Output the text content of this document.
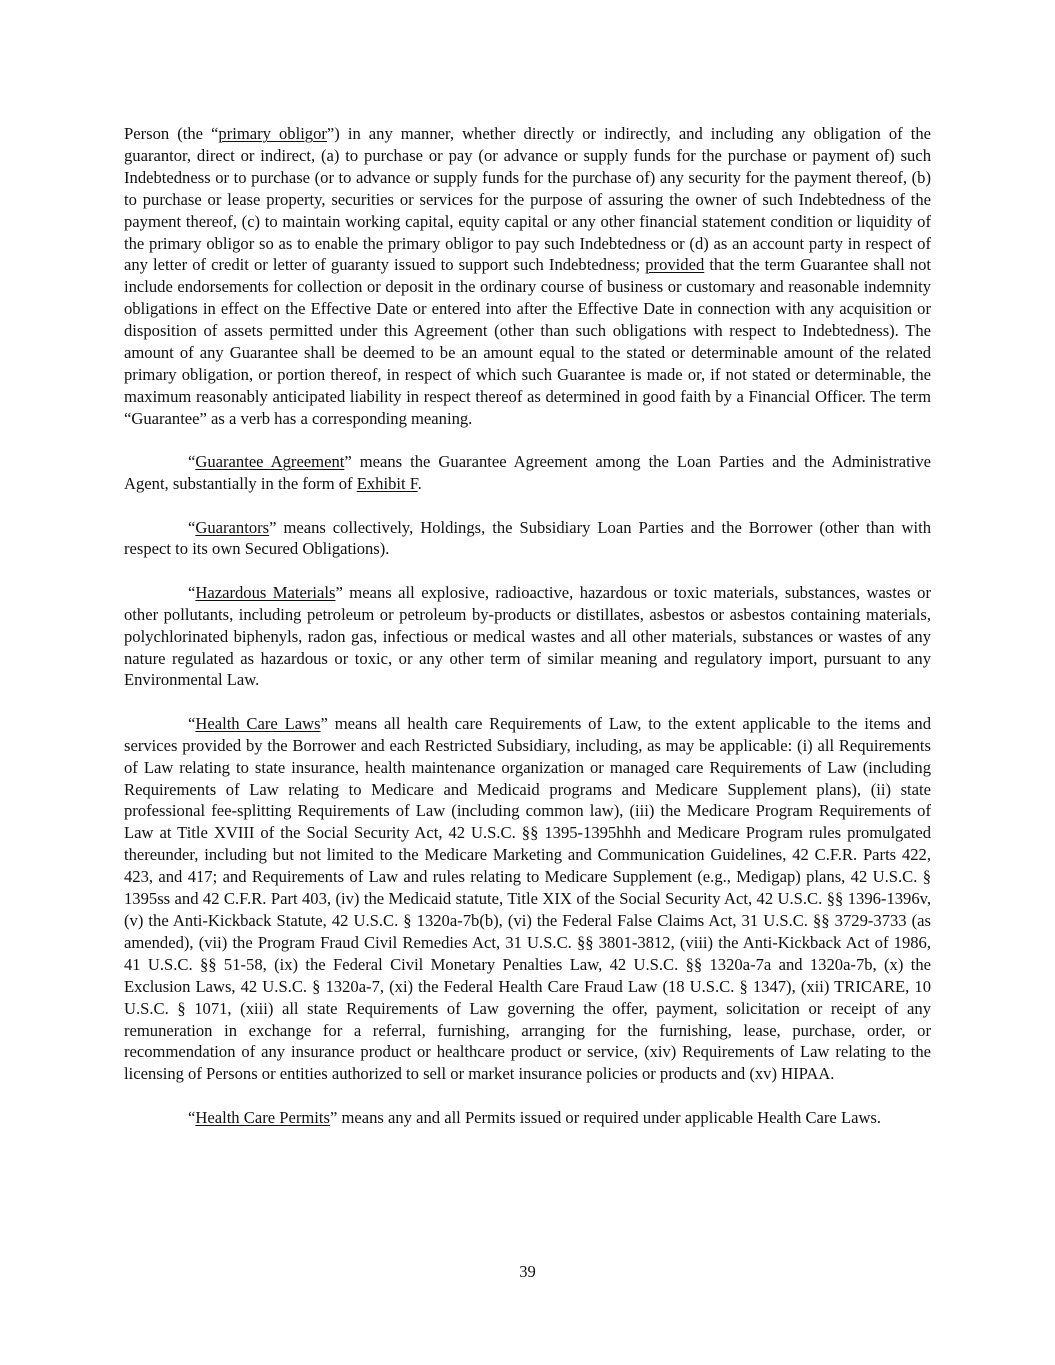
Person (the “primary obligor”) in any manner, whether directly or indirectly, and including any obligation of the guarantor, direct or indirect, (a) to purchase or pay (or advance or supply funds for the purchase or payment of) such Indebtedness or to purchase (or to advance or supply funds for the purchase of) any security for the payment thereof, (b) to purchase or lease property, securities or services for the purpose of assuring the owner of such Indebtedness of the payment thereof, (c) to maintain working capital, equity capital or any other financial statement condition or liquidity of the primary obligor so as to enable the primary obligor to pay such Indebtedness or (d) as an account party in respect of any letter of credit or letter of guaranty issued to support such Indebtedness; provided that the term Guarantee shall not include endorsements for collection or deposit in the ordinary course of business or customary and reasonable indemnity obligations in effect on the Effective Date or entered into after the Effective Date in connection with any acquisition or disposition of assets permitted under this Agreement (other than such obligations with respect to Indebtedness). The amount of any Guarantee shall be deemed to be an amount equal to the stated or determinable amount of the related primary obligation, or portion thereof, in respect of which such Guarantee is made or, if not stated or determinable, the maximum reasonably anticipated liability in respect thereof as determined in good faith by a Financial Officer. The term “Guarantee” as a verb has a corresponding meaning.

“Guarantee Agreement” means the Guarantee Agreement among the Loan Parties and the Administrative Agent, substantially in the form of Exhibit F.

“Guarantors” means collectively, Holdings, the Subsidiary Loan Parties and the Borrower (other than with respect to its own Secured Obligations).

“Hazardous Materials” means all explosive, radioactive, hazardous or toxic materials, substances, wastes or other pollutants, including petroleum or petroleum by-products or distillates, asbestos or asbestos containing materials, polychlorinated biphenyls, radon gas, infectious or medical wastes and all other materials, substances or wastes of any nature regulated as hazardous or toxic, or any other term of similar meaning and regulatory import, pursuant to any Environmental Law.

“Health Care Laws” means all health care Requirements of Law, to the extent applicable to the items and services provided by the Borrower and each Restricted Subsidiary, including, as may be applicable: (i) all Requirements of Law relating to state insurance, health maintenance organization or managed care Requirements of Law (including Requirements of Law relating to Medicare and Medicaid programs and Medicare Supplement plans), (ii) state professional fee-splitting Requirements of Law (including common law), (iii) the Medicare Program Requirements of Law at Title XVIII of the Social Security Act, 42 U.S.C. §§ 1395-1395hhh and Medicare Program rules promulgated thereunder, including but not limited to the Medicare Marketing and Communication Guidelines, 42 C.F.R. Parts 422, 423, and 417; and Requirements of Law and rules relating to Medicare Supplement (e.g., Medigap) plans, 42 U.S.C. § 1395ss and 42 C.F.R. Part 403, (iv) the Medicaid statute, Title XIX of the Social Security Act, 42 U.S.C. §§ 1396-1396v, (v) the Anti-Kickback Statute, 42 U.S.C. § 1320a-7b(b), (vi) the Federal False Claims Act, 31 U.S.C. §§ 3729-3733 (as amended), (vii) the Program Fraud Civil Remedies Act, 31 U.S.C. §§ 3801-3812, (viii) the Anti-Kickback Act of 1986, 41 U.S.C. §§ 51-58, (ix) the Federal Civil Monetary Penalties Law, 42 U.S.C. §§ 1320a-7a and 1320a-7b, (x) the Exclusion Laws, 42 U.S.C. § 1320a-7, (xi) the Federal Health Care Fraud Law (18 U.S.C. § 1347), (xii) TRICARE, 10 U.S.C. § 1071, (xiii) all state Requirements of Law governing the offer, payment, solicitation or receipt of any remuneration in exchange for a referral, furnishing, arranging for the furnishing, lease, purchase, order, or recommendation of any insurance product or healthcare product or service, (xiv) Requirements of Law relating to the licensing of Persons or entities authorized to sell or market insurance policies or products and (xv) HIPAA.

“Health Care Permits” means any and all Permits issued or required under applicable Health Care Laws.

39
